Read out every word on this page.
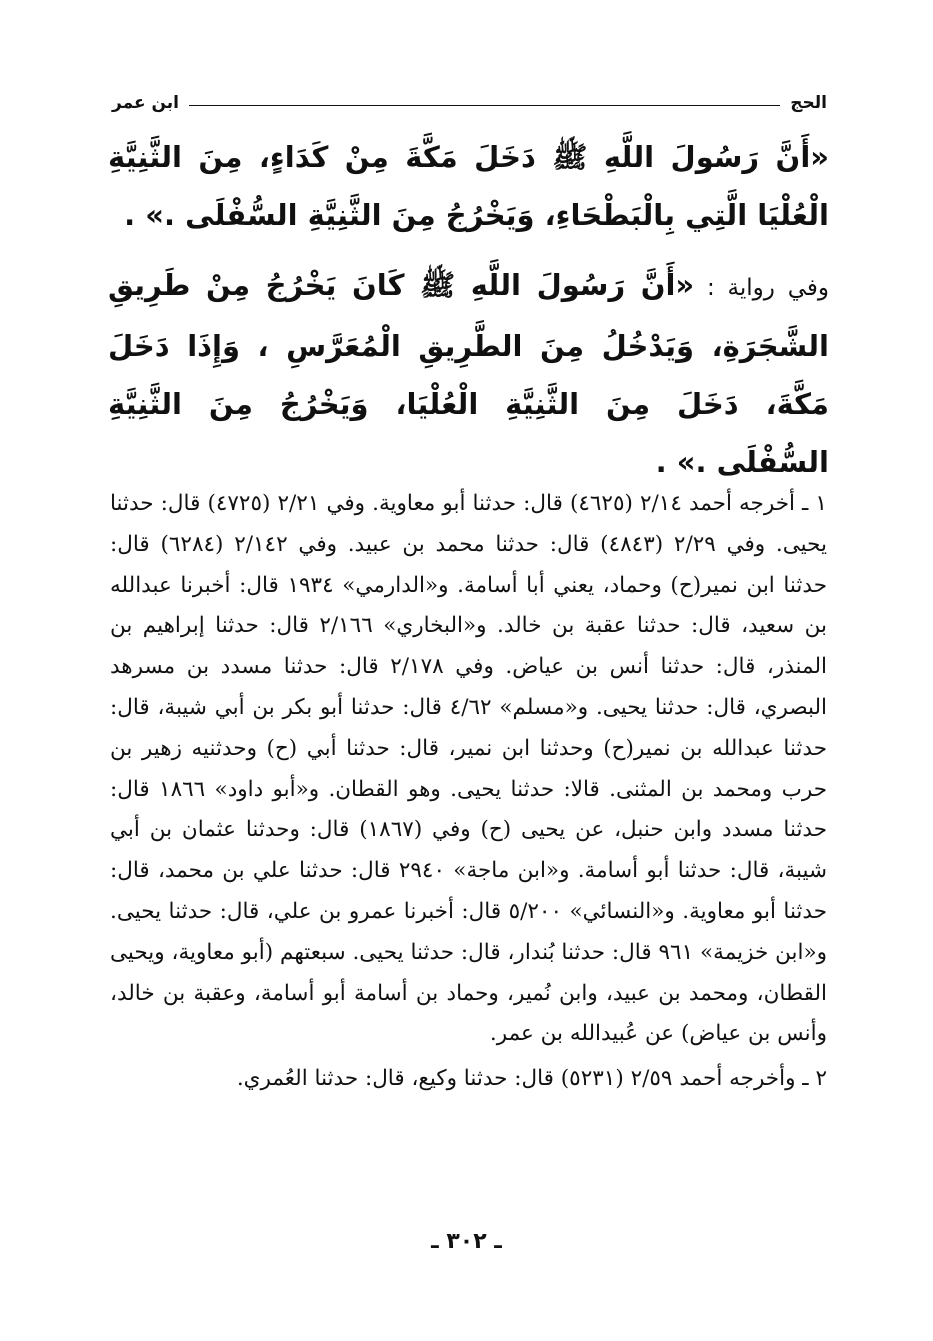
الحج
ابن عمر

«أَنَّ رَسُولَ اللَّهِ ﷺ دَخَلَ مَكَّةَ مِنْ كَدَاءٍ، مِنَ الثَّنِيَّةِ الْعُلْيَا الَّتِي بِالْبَطْحَاءِ، وَيَخْرُجُ مِنَ الثَّنِيَّةِ السُّفْلَى .» .

وفي رواية : «أَنَّ رَسُولَ اللَّهِ ﷺ كَانَ يَخْرُجُ مِنْ طَرِيقِ الشَّجَرَةِ، وَيَدْخُلُ مِنَ الطَّرِيقِ الْمُعَرَّسِ ، وَإِذَا دَخَلَ مَكَّةَ، دَخَلَ مِنَ الثَّنِيَّةِ الْعُلْيَا، وَيَخْرُجُ مِنَ الثَّنِيَّةِ السُّفْلَى .» .

١ ـ أخرجه أحمد ٢/١٤ (٤٦٢٥) قال: حدثنا أبو معاوية. وفي ٢/٢١ (٤٧٢٥) قال: حدثنا يحيى. وفي ٢/٢٩ (٤٨٤٣) قال: حدثنا محمد بن عبيد. وفي ٢/١٤٢ (٦٢٨٤) قال: حدثنا ابن نمير(ح) وحماد، يعني أبا أسامة. و«الدارمي» ١٩٣٤ قال: أخبرنا عبدالله بن سعيد، قال: حدثنا عقبة بن خالد. و«البخاري» ٢/١٦٦ قال: حدثنا إبراهيم بن المنذر، قال: حدثنا أنس بن عياض. وفي ٢/١٧٨ قال: حدثنا مسدد بن مسرهد البصري، قال: حدثنا يحيى. و«مسلم» ٤/٦٢ قال: حدثنا أبو بكر بن أبي شيبة، قال: حدثنا عبدالله بن نمير(ح) وحدثنا ابن نمير، قال: حدثنا أبي (ح) وحدثنيه زهير بن حرب ومحمد بن المثنى. قالا: حدثنا يحيى. وهو القطان. و«أبو داود» ١٨٦٦ قال: حدثنا مسدد وابن حنبل، عن يحيى (ح) وفي (١٨٦٧) قال: وحدثنا عثمان بن أبي شيبة، قال: حدثنا أبو أسامة. و«ابن ماجة» ٢٩٤٠ قال: حدثنا علي بن محمد، قال: حدثنا أبو معاوية. و«النسائي» ٥/٢٠٠ قال: أخبرنا عمرو بن علي، قال: حدثنا يحيى. و«ابن خزيمة» ٩٦١ قال: حدثنا بُندار، قال: حدثنا يحيى. سبعتهم (أبو معاوية، ويحيى القطان، ومحمد بن عبيد، وابن نُمير، وحماد بن أسامة أبو أسامة، وعقبة بن خالد، وأنس بن عياض) عن عُبيدالله بن عمر.

٢ ـ وأخرجه أحمد ٢/٥٩ (٥٢٣١) قال: حدثنا وكيع، قال: حدثنا العُمري.

ـ ٣٠٢ ـ
